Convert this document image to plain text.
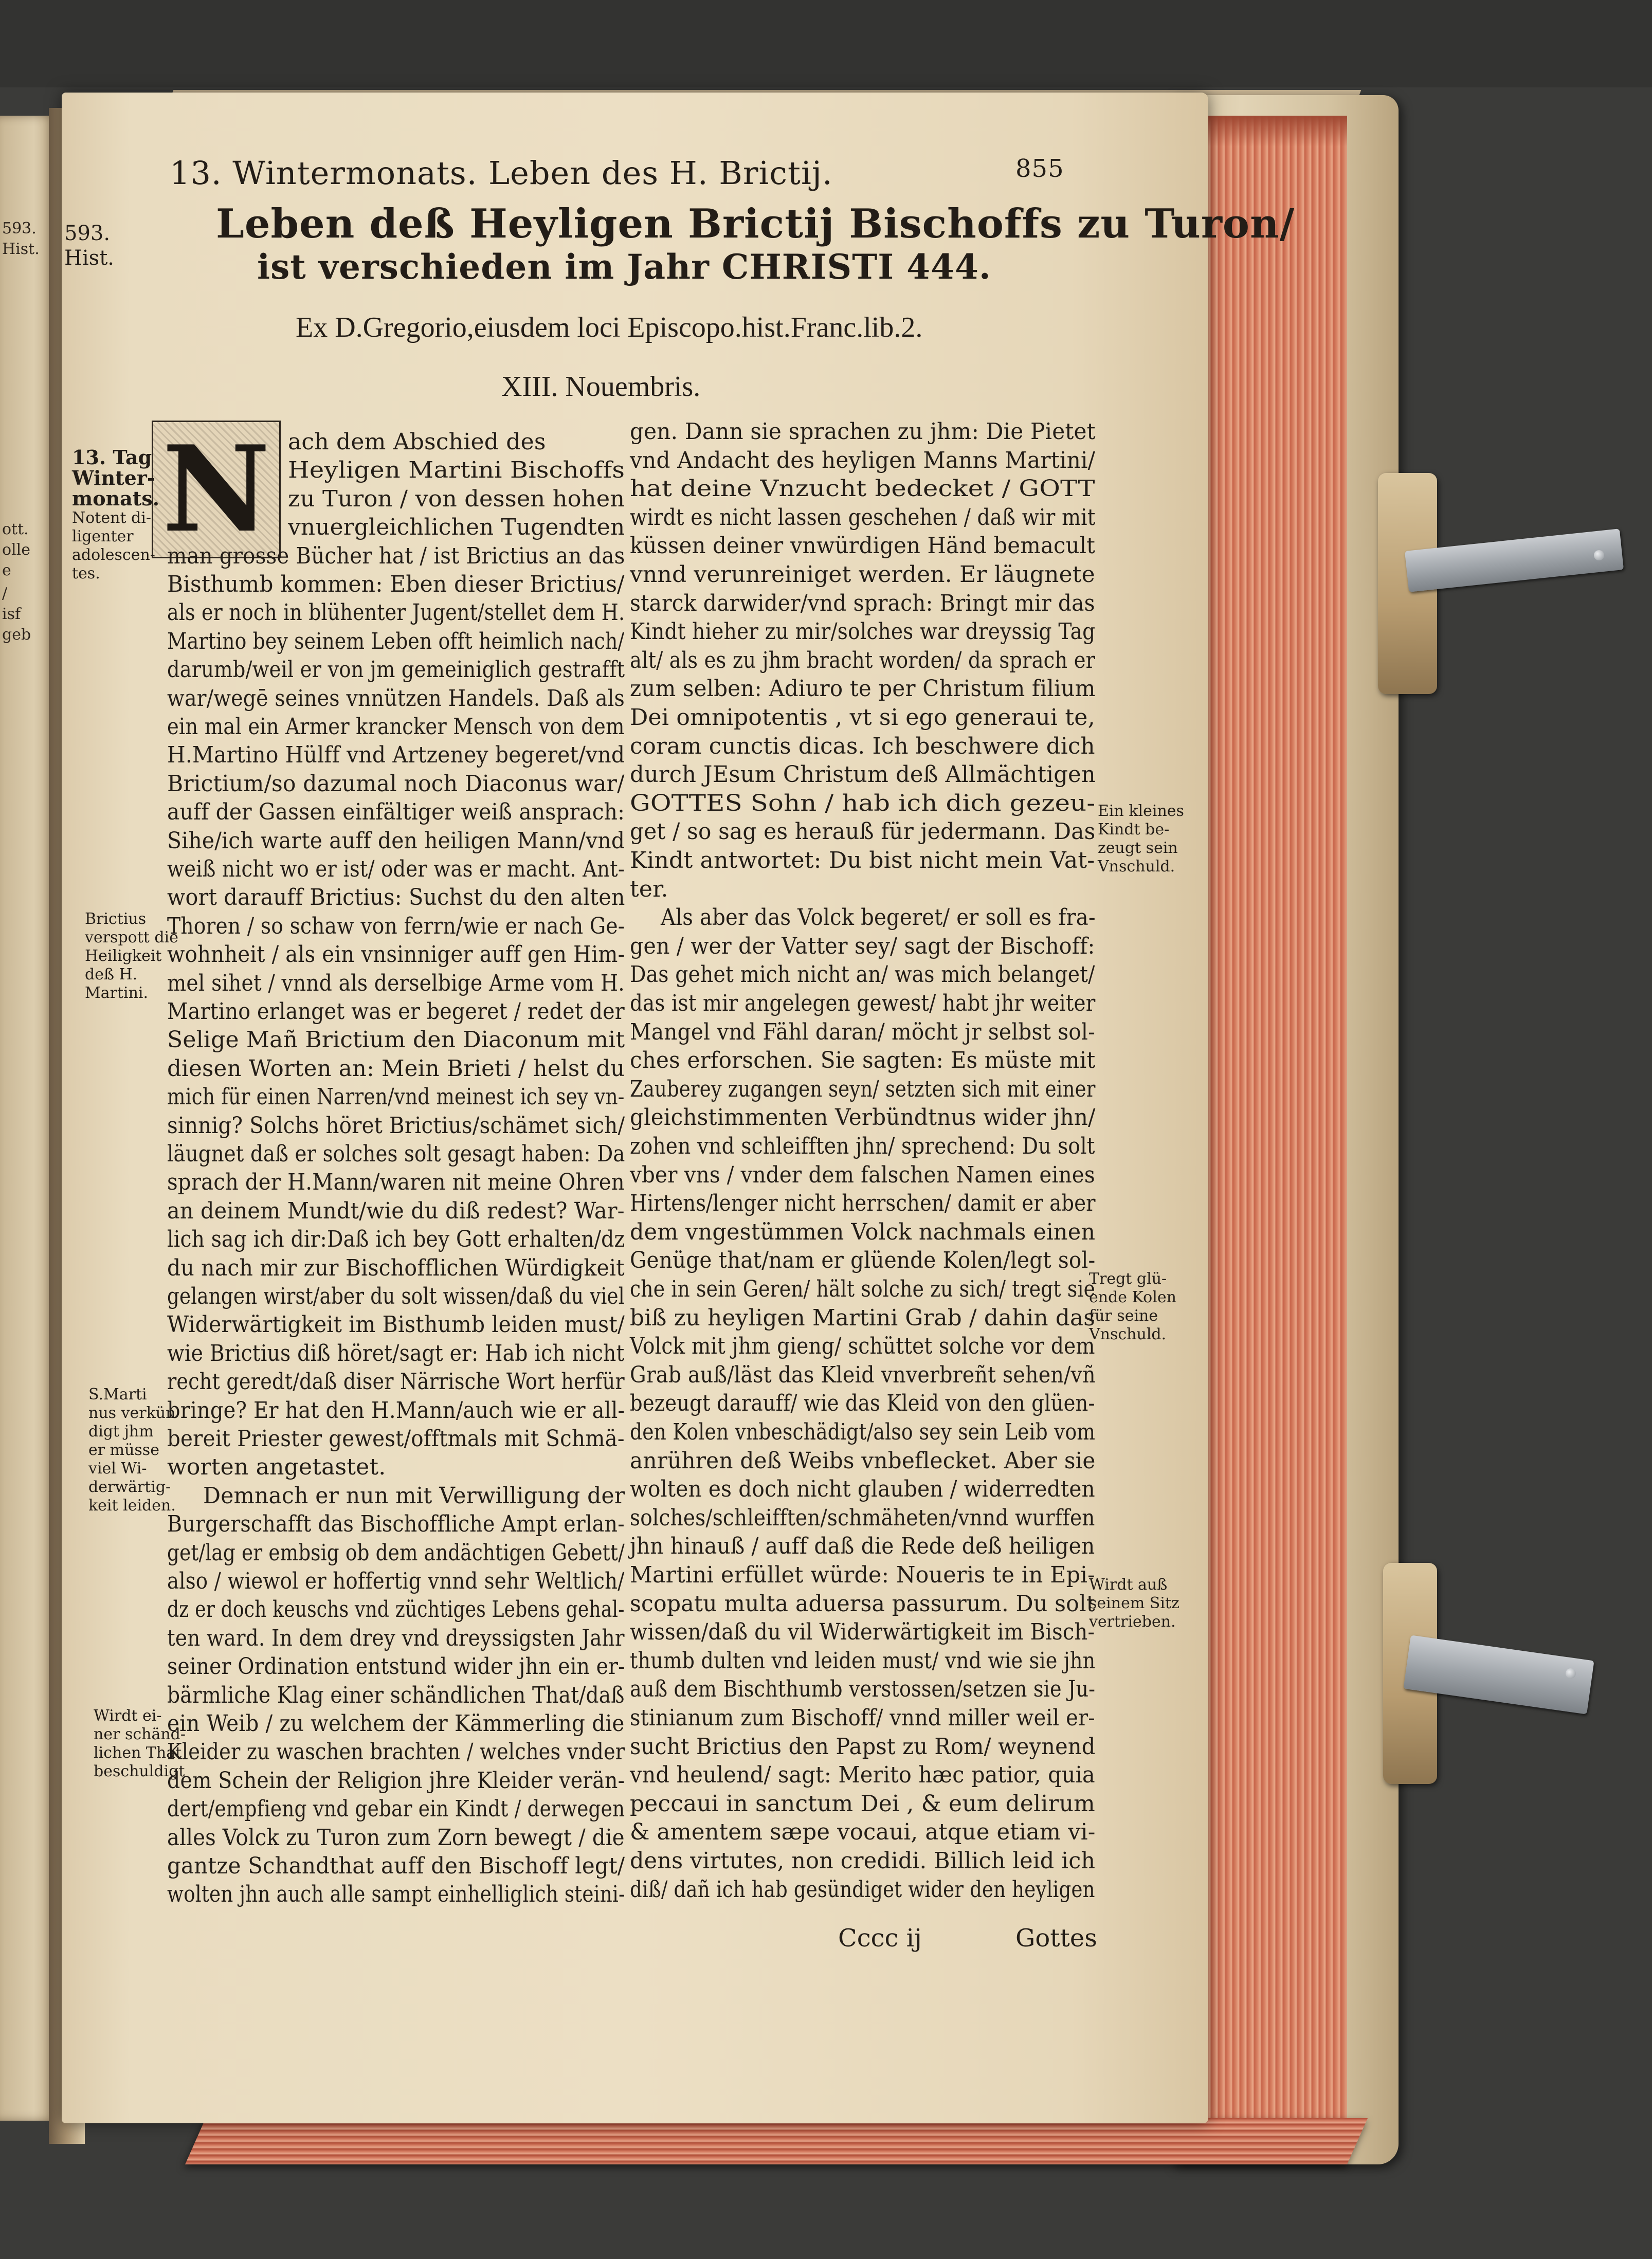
593.
Hist.
ott.
olle
e
/
isf
geb
13. Wintermonats. Leben des H. Brictij.	855
593.
Hist.
Leben deß Heyligen Brictij Bischoffs zu Turon/
ist verschieden im Jahr CHRISTI 444.
Ex D.Gregorio,eiusdem loci Episcopo.hist.Franc.lib.2.
XIII. Nouembris.
N ach dem Abschied des
Heyligen Martini Bischoffs
zu Turon / von dessen hohen
vnuergleichlichen Tugendten
man grosse Bücher hat / ist Brictius an das
Bisthumb kommen: Eben dieser Brictius/
als er noch in blühenter Jugent/stellet dem H.
Martino bey seinem Leben offt heimlich nach/
darumb/weil er von jm gemeiniglich gestrafft
war/wegē seines vnnützen Handels. Daß als
ein mal ein Armer krancker Mensch von dem
H.Martino Hülff vnd Artzeney begeret/vnd
Brictium/so dazumal noch Diaconus war/
auff der Gassen einfältiger weiß ansprach:
Sihe/ich warte auff den heiligen Mann/vnd
weiß nicht wo er ist/ oder was er macht. Ant-
wort darauff Brictius: Suchst du den alten
Thoren / so schaw von ferrn/wie er nach Ge-
wohnheit / als ein vnsinniger auff gen Him-
mel sihet / vnnd als derselbige Arme vom H.
Martino erlanget was er begeret / redet der
Selige Mañ Brictium den Diaconum mit
diesen Worten an: Mein Brieti / helst du
mich für einen Narren/vnd meinest ich sey vn-
sinnig? Solchs höret Brictius/schämet sich/
läugnet daß er solches solt gesagt haben: Da
sprach der H.Mann/waren nit meine Ohren
an deinem Mundt/wie du diß redest? War-
lich sag ich dir:Daß ich bey Gott erhalten/dz
du nach mir zur Bischofflichen Würdigkeit
gelangen wirst/aber du solt wissen/daß du viel
Widerwärtigkeit im Bisthumb leiden must/
wie Brictius diß höret/sagt er: Hab ich nicht
recht geredt/daß diser Närrische Wort herfür
bringe? Er hat den H.Mann/auch wie er all-
bereit Priester gewest/offtmals mit Schmä-
worten angetastet.
Demnach er nun mit Verwilligung der
Burgerschafft das Bischoffliche Ampt erlan-
get/lag er embsig ob dem andächtigen Gebett/
also / wiewol er hoffertig vnnd sehr Weltlich/
dz er doch keuschs vnd züchtiges Lebens gehal-
ten ward. In dem drey vnd dreyssigsten Jahr
seiner Ordination entstund wider jhn ein er-
bärmliche Klag einer schändlichen That/daß
ein Weib / zu welchem der Kämmerling die
Kleider zu waschen brachten / welches vnder
dem Schein der Religion jhre Kleider verän-
dert/empfieng vnd gebar ein Kindt / derwegen
alles Volck zu Turon zum Zorn bewegt / die
gantze Schandthat auff den Bischoff legt/
wolten jhn auch alle sampt einhelliglich steini-
gen. Dann sie sprachen zu jhm: Die Pietet
vnd Andacht des heyligen Manns Martini/
hat deine Vnzucht bedecket / GOTT
wirdt es nicht lassen geschehen / daß wir mit
küssen deiner vnwürdigen Händ bemacult
vnnd verunreiniget werden. Er läugnete
starck darwider/vnd sprach: Bringt mir das
Kindt hieher zu mir/solches war dreyssig Tag
alt/ als es zu jhm bracht worden/ da sprach er
zum selben: Adiuro te per Christum filium
Dei omnipotentis , vt si ego generaui te,
coram cunctis dicas. Ich beschwere dich
durch JEsum Christum deß Allmächtigen
GOTTES Sohn / hab ich dich gezeu-
get / so sag es herauß für jedermann. Das
Kindt antwortet: Du bist nicht mein Vat-
ter.
Als aber das Volck begeret/ er soll es fra-
gen / wer der Vatter sey/ sagt der Bischoff:
Das gehet mich nicht an/ was mich belanget/
das ist mir angelegen gewest/ habt jhr weiter
Mangel vnd Fähl daran/ möcht jr selbst sol-
ches erforschen. Sie sagten: Es müste mit
Zauberey zugangen seyn/ setzten sich mit einer
gleichstimmenten Verbündtnus wider jhn/
zohen vnd schleifften jhn/ sprechend: Du solt
vber vns / vnder dem falschen Namen eines
Hirtens/lenger nicht herrschen/ damit er aber
dem vngestümmen Volck nachmals einen
Genüge that/nam er glüende Kolen/legt sol-
che in sein Geren/ hält solche zu sich/ tregt sie
biß zu heyligen Martini Grab / dahin das
Volck mit jhm gieng/ schüttet solche vor dem
Grab auß/läst das Kleid vnverbreñt sehen/vñ
bezeugt darauff/ wie das Kleid von den glüen-
den Kolen vnbeschädigt/also sey sein Leib vom
anrühren deß Weibs vnbeflecket. Aber sie
wolten es doch nicht glauben / widerredten
solches/schleifften/schmäheten/vnnd wurffen
jhn hinauß / auff daß die Rede deß heiligen
Martini erfüllet würde: Noueris te in Epi-
scopatu multa aduersa passurum. Du solt
wissen/daß du vil Widerwärtigkeit im Bisch-
thumb dulten vnd leiden must/ vnd wie sie jhn
auß dem Bischthumb verstossen/setzen sie Ju-
stinianum zum Bischoff/ vnnd miller weil er-
sucht Brictius den Papst zu Rom/ weynend
vnd heulend/ sagt: Merito hæc patior, quia
peccaui in sanctum Dei , & eum delirum
& amentem sæpe vocaui, atque etiam vi-
dens virtutes, non credidi. Billich leid ich
diß/ dañ ich hab gesündiget wider den heyligen
Cccc ij	Gottes
13. Tag
Winter-
monats.
Notent di-
ligenter
adolescen-
tes.
Brictius
verspott die
Heiligkeit
deß H.
Martini.
S.Marti
nus verkün
digt jhm
er müsse
viel Wi-
derwärtig-
keit leiden.
Wirdt ei-
ner schänd-
lichen That
beschuldigt
Ein kleines
Kindt be-
zeugt sein
Vnschuld.
Tregt glü-
ende Kolen
für seine
Vnschuld.
Wirdt auß
seinem Sitz
vertrieben.
